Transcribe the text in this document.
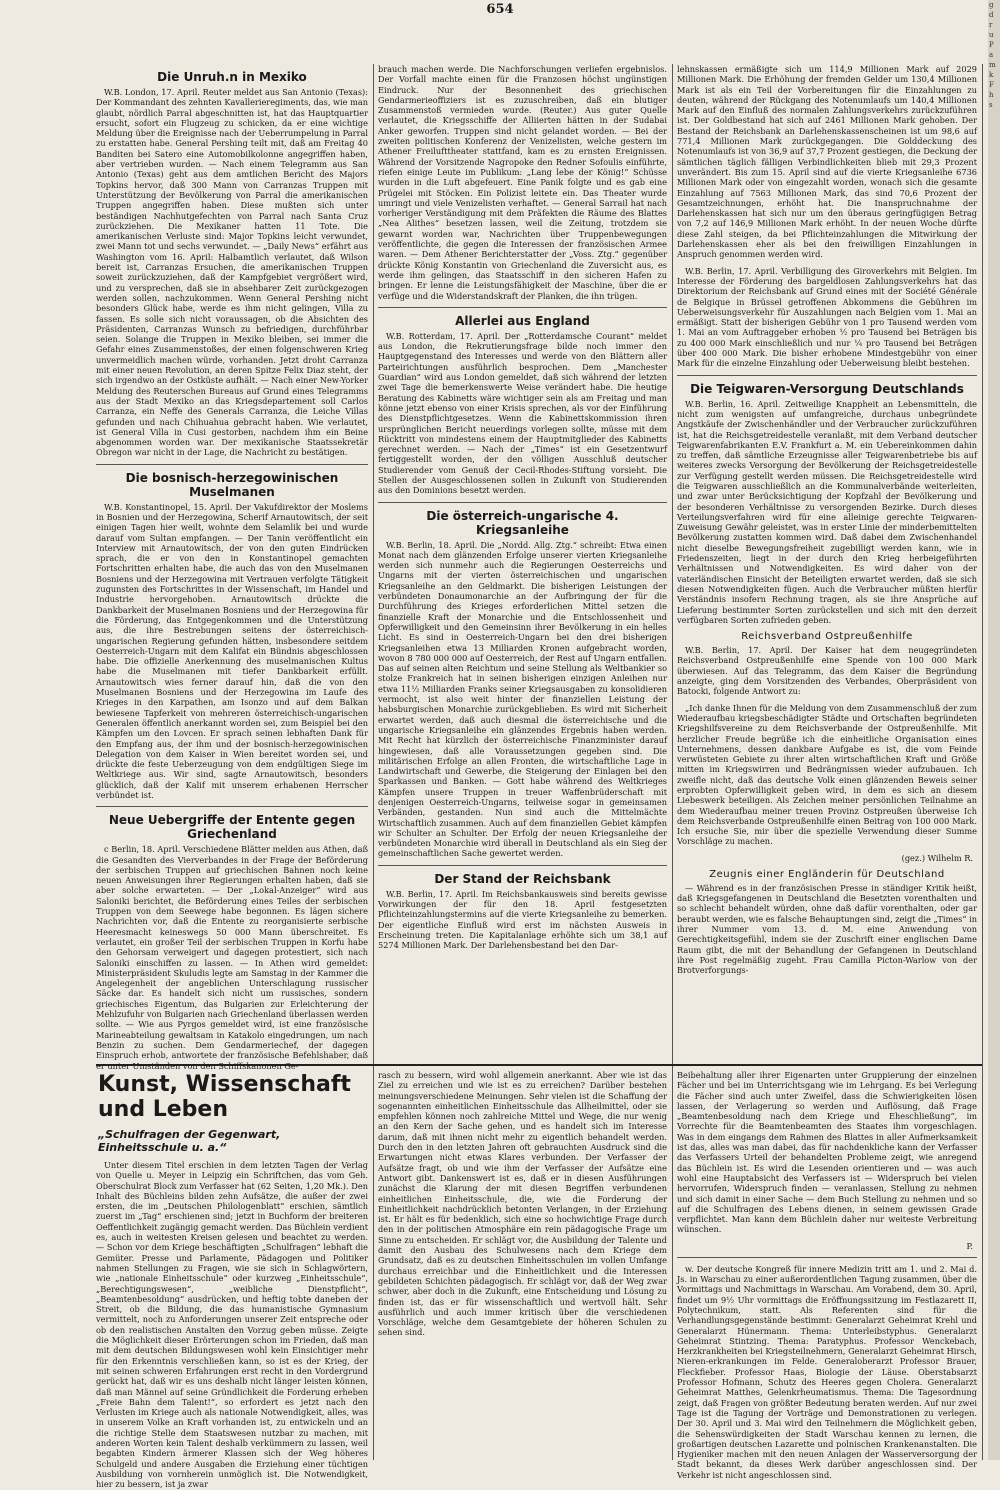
654
Die Unruh.n in Mexiko

W.B. London, 17. April. Reuter meldet aus San Antonio (Texas): Der Kommandant des zehnten Kavallerieregiments, das, wie man glaubt, nördlich Parral abgeschnitten ist, hat das Hauptquartier ersucht, sofort ein Flugzeug zu schicken, da er eine wichtige Meldung über die Ereignisse nach der Ueberrumpelung in Parral zu erstatten habe. General Pershing teilt mit, daß am Freitag 40 Banditen bei Satero eine Automobilkolonne angegriffen haben, aber vertrieben wurden. — Nach einem Telegramm aus San Antonio (Texas) geht aus dem amtlichen Bericht des Majors Topkins hervor, daß 300 Mann von Carranzas Truppen mit Unterstützung der Bevölkerung von Parral die amerikanischen Truppen angegriffen haben. Diese mußten sich unter beständigen Nachhutgefechten von Parral nach Santa Cruz zurückziehen. Die Mexikaner hatten 11 Tote. Die amerikanischen Verluste sind: Major Topkins leicht verwundet, zwei Mann tot und sechs verwundet. — „Daily News“ erfährt aus Washington vom 16. April: Halbamtlich verlautet, daß Wilson bereit ist, Carranzas Ersuchen, die amerikanischen Truppen soweit zurückzuziehen, daß der Kampfgebiet vergrößert wird, und zu versprechen, daß sie in absehbarer Zeit zurückgezogen werden sollen, nachzukommen. Wenn General Pershing nicht besonders Glück habe, werde es ihm nicht gelingen, Villa zu fassen. Es solle sich nicht voraussagen, ob die Absichten des Präsidenten, Carranzas Wunsch zu befriedigen, durchführbar seien. Solange die Truppen in Mexiko bleiben, sei immer die Gefahr eines Zusammenstoßes, der einen folgenschweren Krieg unvermeidlich machen würde, vorhanden. Jetzt droht Carranza mit einer neuen Revolution, an deren Spitze Felix Diaz steht, der sich irgendwo an der Ostküste aufhält. — Nach einer New-Yorker Meldung des Reuterschen Bureaus auf Grund eines Telegramms aus der Stadt Mexiko an das Kriegsdepartement soll Carlos Carranza, ein Neffe des Generals Carranza, die Leiche Villas gefunden und nach Chihuahua gebracht haben. Wie verlautet, ist General Villa in Cusi gestorben, nachdem ihm ein Beine abgenommen worden war. Der mexikanische Staatssekretär Obregon war nicht in der Lage, die Nachricht zu bestätigen.

Die bosnisch-herzegowinischen Muselmanen

W.B. Konstantinopel, 15. April. Der Vakufdirektor der Moslems in Bosnien und der Herzegowina, Scherif Arnautowitsch, der seit einigen Tagen hier weilt, wohnte dem Selamlik bei und wurde darauf vom Sultan empfangen. — Der Tanin veröffentlicht ein Interview mit Arnautowitsch, der von den guten Eindrücken sprach, die er von den in Konstantinopel gemachten Fortschritten erhalten habe, die auch das von den Muselmanen Bosniens und der Herzegowina mit Vertrauen verfolgte Tätigkeit zugunsten des Fortschrittes in der Wissenschaft, im Handel und Industrie hervorgehoben. Arnautowitsch drückte die Dankbarkeit der Muselmanen Bosniens und der Herzegowina für die Förderung, das Entgegenkommen und die Unterstützung aus, die ihre Bestrebungen seitens der österreichisch-ungarischen Regierung gefunden hätten, insbesondere seitdem Oesterreich-Ungarn mit dem Kalifat ein Bündnis abgeschlossen habe. Die offizielle Anerkennung des muselmanischen Kultus habe die Muselmanen mit tiefer Dankbarkeit erfüllt. Arnautowitsch wies ferner darauf hin, daß die von den Muselmanen Bosniens und der Herzegowina im Laufe des Krieges in den Karpathen, am Isonzo und auf dem Balkan bewiesene Tapferkeit von mehreren österreichisch-ungarischen Generalen öffentlich anerkannt worden sei, zum Beispiel bei den Kämpfen um den Lovcen. Er sprach seinen lebhaften Dank für den Empfang aus, der ihm und der bosnisch-herzegowinischen Delegation von dem Kaiser in Wien bereitet worden sei, und drückte die feste Ueberzeugung von dem endgültigen Siege im Weltkriege aus. Wir sind, sagte Arnautowitsch, besonders glücklich, daß der Kalif mit unserem erhabenen Herrscher verbündet ist.

Neue Uebergriffe der Entente gegen Griechenland

c Berlin, 18. April. Verschiedene Blätter melden aus Athen, daß die Gesandten des Vierverbandes in der Frage der Beförderung der serbischen Truppen auf griechischen Bahnen noch keine neuen Anweisungen ihrer Regierungen erhalten haben, daß sie aber solche erwarteten. — Der „Lokal-Anzeiger“ wird aus Saloniki berichtet, die Beförderung eines Teiles der serbischen Truppen von dem Seewege habe begonnen. Es lägen sichere Nachrichten vor, daß die Entente zu reorganisierte serbische Heeresmacht keineswegs 50 000 Mann überschreitet. Es verlautet, ein großer Teil der serbischen Truppen in Korfu habe den Gehorsam verweigert und dagegen protestiert, sich nach Saloniki einschiffen zu lassen. — In Athen wird gemeldet: Ministerpräsident Skuludis legte am Samstag in der Kammer die Angelegenheit der angeblichen Unterschlagung russischer Säcke dar. Es handelt sich nicht um russisches, sondern griechisches Eigentum, das Bulgarien zur Erleichterung der Mehlzufuhr von Bulgarien nach Griechenland überlassen werden sollte. — Wie aus Pyrgos gemeldet wird, ist eine französische Marineabteilung gewaltsam in Katakolo eingedrungen, um nach Benzin zu suchen. Dem Gendarmeriechef, der dagegen Einspruch erhob, antwortete der französische Befehlshaber, daß er unter Umständen von den Schiffskanonen Ge-

brauch machen werde. Die Nachforschungen verliefen ergebnislos. Der Vorfall machte einen für die Franzosen höchst ungünstigen Eindruck. Nur der Besonnenheit des griechischen Gendarmerieoffiziers ist es zuzuschreiben, daß ein blutiger Zusammenstoß vermieden wurde. (Reuter.) Aus guter Quelle verlautet, die Kriegsschiffe der Alliierten hätten in der Sudabai Anker geworfen. Truppen sind nicht gelandet worden. — Bei der zweiten politischen Konferenz der Venizelisten, welche gestern im Athener Freilufttheater stattfand, kam es zu ernsten Ereignissen. Während der Vorsitzende Nagropoke den Redner Sofoulis einführte, riefen einige Leute im Publikum: „Lang lebe der König!“ Schüsse wurden in die Luft abgefeuert. Eine Panik folgte und es gab eine Prügelei mit Stöcken. Ein Polizist leitete ein. Das Theater wurde umringt und viele Venizelisten verhaftet. — General Sarrail hat nach vorheriger Verständigung mit dem Präfekten die Räume des Blattes „Nea Alithes“ besetzen lassen, weil die Zeitung, trotzdem sie gewarnt worden war, Nachrichten über Truppenbewegungen veröffentlichte, die gegen die Interessen der französischen Armee waren. — Dem Athener Berichterstatter der „Voss. Ztg.“ gegenüber drückte König Konstantin von Griechenland die Zuversicht aus, es werde ihm gelingen, das Staatsschiff in den sicheren Hafen zu bringen. Er lenne die Leistungsfähigkeit der Maschine, über die er verfüge und die Widerstandskraft der Planken, die ihn trügen.

Allerlei aus England

W.B. Rotterdam, 17. April. Der „Rotterdamsche Courant“ meldet aus London, die Rekrutierungsfrage bilde noch immer den Hauptgegenstand des Interesses und werde von den Blättern aller Parteirichtungen ausführlich besprochen. Dem „Manchester Guardian“ wird aus London gemeldet, daß sich während der letzten zwei Tage die bemerkenswerte Weise verändert habe. Die heutige Beratung des Kabinetts wäre wichtiger sein als am Freitag und man könne jetzt ebenso von einer Krisis sprechen, als vor der Einführung des Dienstpflichtgesetzes. Wenn die Kabinettskommission ihren ursprünglichen Bericht neuerdings vorlegen sollte, müsse mit dem Rücktritt von mindestens einem der Hauptmitglieder des Kabinetts gerechnet werden. — Nach der „Times“ ist ein Gesetzentwurf fertiggestellt worden, der den völligen Ausschluß deutscher Studierender vom Genuß der Cecil-Rhodes-Stiftung vorsieht. Die Stellen der Ausgeschlossenen sollen in Zukunft von Studierenden aus den Dominions besetzt werden.

Die österreich-ungarische 4. Kriegsanleihe

W.B. Berlin, 18. April. Die „Nordd. Allg. Ztg.“ schreibt: Etwa einen Monat nach dem glänzenden Erfolge unserer vierten Kriegsanleihe werden sich nunmehr auch die Regierungen Oesterreichs und Ungarns mit der vierten österreichischen und ungarischen Kriegsanleihe an den Geldmarkt. Die bisherigen Leistungen der verbündeten Donaumonarchie an der Aufbringung der für die Durchführung des Krieges erforderlichen Mittel setzen die finanzielle Kraft der Monarchie und die Entschlossenheit und Opferwilligkeit und den Gemeinsinn ihrer Bevölkerung in ein helles Licht. Es sind in Oesterreich-Ungarn bei den drei bisherigen Kriegsanleihen etwa 13 Milliarden Kronen aufgebracht worden, wovon 8 780 000 000 auf Oesterreich, der Rest auf Ungarn entfallen. Das auf seinen alten Reichtum und seine Stellung als Weltbankier so stolze Frankreich hat in seinen bisherigen einzigen Anleihen nur etwa 11½ Milliarden Franks seiner Kriegsausgaben zu konsolidieren vermocht, ist also weit hinter der finanziellen Leistung der habsburgischen Monarchie zurückgeblieben. Es wird mit Sicherheit erwartet werden, daß auch diesmal die österreichische und die ungarische Kriegsanleihe ein glänzendes Ergebnis haben werden. Mit Recht hat kürzlich der österreichische Finanzminister darauf hingewiesen, daß alle Voraussetzungen gegeben sind. Die militärischen Erfolge an allen Fronten, die wirtschaftliche Lage in Landwirtschaft und Gewerbe, die Steigerung der Einlagen bei den Sparkassen und Banken. — Gott habe während des Weltkrieges Kämpfen unsere Truppen in treuer Waffenbrüderschaft mit denjenigen Oesterreich-Ungarns, teilweise sogar in gemeinsamen Verbänden, gestanden. Nun sind auch die Mittelmächte Wirtschaftlich zusammen. Auch auf dem finanziellen Gebiet kämpfen wir Schulter an Schulter. Der Erfolg der neuen Kriegsanleihe der verbündeten Monarchie wird überall in Deutschland als ein Sieg der gemeinschaftlichen Sache gewertet werden.

Der Stand der Reichsbank

W.B. Berlin, 17. April. Im Reichsbankausweis sind bereits gewisse Vorwirkungen der für den 18. April festgesetzten Pflichteinzahlungstermins auf die vierte Kriegsanleihe zu bemerken. Der eigentliche Einfluß wird erst im nächsten Ausweis in Erscheinung treten. Die Kapitalanlage erhöhte sich um 38,1 auf 5274 Millionen Mark. Der Darlehensbestand bei den Dar-

lehnskassen ermäßigte sich um 114,9 Millionen Mark auf 2029 Millionen Mark. Die Erhöhung der fremden Gelder um 130,4 Millionen Mark ist als ein Teil der Vorbereitungen für die Einzahlungen zu deuten, während der Rückgang des Notenumlaufs um 140,4 Millionen Mark auf den Einfluß des normalen Zahlungsverkehrs zurückzuführen ist. Der Goldbestand hat sich auf 2461 Millionen Mark gehoben. Der Bestand der Reichsbank an Darlehenskassenscheinen ist um 98,6 auf 771,4 Millionen Mark zurückgegangen. Die Golddeckung des Notenumlaufs ist von 36,9 auf 37,7 Prozent gestiegen, die Deckung der sämtlichen täglich fälligen Verbindlichkeiten blieb mit 29,3 Prozent unverändert. Bis zum 15. April sind auf die vierte Kriegsanleihe 6736 Millionen Mark oder von eingezahlt worden, wonach sich die gesamte Einzahlung auf 7563 Millionen Mark, das sind 70,6 Prozent der Gesamtzeichnungen, erhöht hat. Die Inanspruchnahme der Darlehenskassen hat sich nur um den überaus geringfügigen Betrag von 7,2 auf 146,9 Millionen Mark erhöht. In der neuen Woche dürfte diese Zahl steigen, da bei Pflichteinzahlungen die Mitwirkung der Darlehenskassen eher als bei den freiwilligen Einzahlungen in Anspruch genommen werden wird.

W.B. Berlin, 17. April. Verbilligung des Giroverkehrs mit Belgien. Im Interesse der Förderung des bargeldlosen Zahlungsverkehrs hat das Direktorium der Reichsbank auf Grund eines mit der Société Générale de Belgique in Brüssel getroffenen Abkommens die Gebühren im Ueberweisungsverkehr für Auszahlungen nach Belgien vom 1. Mai an ermäßigt. Statt der bisherigen Gebühr von 1 pro Tausend werden vom 1. Mai an vom Auftraggeber erhoben ½ pro Tausend bei Beträgen bis zu 400 000 Mark einschließlich und nur ¼ pro Tausend bei Beträgen über 400 000 Mark. Die bisher erhobene Mindestgebühr von einer Mark für die einzelne Einzahlung oder Ueberweisung bleibt bestehen.

Die Teigwaren-Versorgung Deutschlands

W.B. Berlin, 16. April. Zeitweilige Knappheit an Lebensmitteln, die nicht zum wenigsten auf umfangreiche, durchaus unbegründete Angstkäufe der Zwischenhändler und der Verbraucher zurückzuführen ist, hat die Reichsgetreidestelle veranlaßt, mit dem Verband deutscher Teigwarenfabrikanten E.V. Frankfurt a. M. ein Uebereinkommen dahin zu treffen, daß sämtliche Erzeugnisse aller Teigwarenbetriebe bis auf weiteres zwecks Versorgung der Bevölkerung der Reichsgetreidestelle zur Verfügung gestellt werden müssen. Die Reichsgetreidestelle wird die Teigwaren ausschließlich an die Kommunalverbände weiterleiten, und zwar unter Berücksichtigung der Kopfzahl der Bevölkerung und der besonderen Verhältnisse zu versorgenden Bezirke. Durch dieses Verteilungsverfahren wird für eine alleinige gerechte Teigwaren-Zuweisung Gewähr geleistet, was in erster Linie der minderbemittelten Bevölkerung zustatten kommen wird. Daß dabei dem Zwischenhandel nicht dieselbe Bewegungsfreiheit zugebilligt werden kann, wie in Friedenszeiten, liegt in der durch den Krieg herbeigeführten Verhältnissen und Notwendigkeiten. Es wird daher von der vaterländischen Einsicht der Beteiligten erwartet werden, daß sie sich diesen Notwendigkeiten fügen. Auch die Verbraucher müßten hierfür Verständnis insofern Rechnung tragen, als sie ihre Ansprüche auf Lieferung bestimmter Sorten zurückstellen und sich mit den derzeit verfügbaren Sorten zufrieden geben.

Reichsverband Ostpreußenhilfe

W.B. Berlin, 17. April. Der Kaiser hat dem neugegründeten Reichsverband Ostpreußenhilfe eine Spende von 100 000 Mark überwiesen. Auf das Telegramm, das dem Kaiser die Begründung anzeigte, ging dem Vorsitzenden des Verbandes, Oberpräsident von Batocki, folgende Antwort zu:

„Ich danke Ihnen für die Meldung von dem Zusammenschluß der zum Wiederaufbau kriegsbeschädigter Städte und Ortschaften begründeten Kriegshilfsvereine zu dem Reichsverbande der Ostpreußenhilfe. Mit herzlicher Freude begrüße ich die einheitliche Organisation eines Unternehmens, dessen dankbare Aufgabe es ist, die vom Feinde verwüsteten Gebiete zu ihrer alten wirtschaftlichen Kraft und Größe mitten im Kriegswirren und Bedrängnissen wieder aufzubauen. Ich zweifle nicht, daß das deutsche Volk einen glänzenden Beweis seiner erprobten Opferwilligkeit geben wird, in dem es sich an diesem Liebeswerk beteiligen. Als Zeichen meiner persönlichen Teilnahme an dem Wiederaufbau meiner treuen Provinz Ostpreußen überweise Ich dem Reichsverbande Ostpreußenhilfe einen Beitrag von 100 000 Mark. Ich ersuche Sie, mir über die spezielle Verwendung dieser Summe Vorschläge zu machen.

(gez.) Wilhelm R.
Zeugnis einer Engländerin für Deutschland

— Während es in der französischen Presse in ständiger Kritik heißt, daß Kriegsgefangenen in Deutschland die Besetzten vorenthalten und so schlecht behandelt würden, ohne daß dafür vorenthalten, oder gar beraubt werden, wie es falsche Behauptungen sind, zeigt die „Times“ in ihrer Nummer vom 13. d. M. eine Anwendung von Gerechtigkeitsgefühl, indem sie der Zuschrift einer englischen Dame Raum gibt, die mit der Behandlung der Gefangenen in Deutschland ihre Post regelmäßig zugeht. Frau Camilla Picton-Warlow von der Brotverforgungs-

Kunst, Wissenschaft und Leben
„Schulfragen der Gegenwart, Einheitsschule u. a.“

Unter diesem Titel erschien in dem letzten Tagen der Verlag von Quelle u. Meyer in Leipzig ein Schriftchen, das vom Geh. Oberschulrat Block zum Verfasser hat (62 Seiten, 1,20 Mk.). Den Inhalt des Büchleins bilden zehn Aufsätze, die außer der zwei ersten, die im „Deutschen Philologenblatt“ erschien, sämtlich zuerst im „Tag“ erschienen sind; jetzt in Buchform der breiteren Oeffentlichkeit zugängig gemacht werden. Das Büchlein verdient es, auch in weitesten Kreisen gelesen und beachtet zu werden. — Schon vor dem Kriege beschäftigten „Schulfragen“ lebhaft die Gemüter. Presse und Parlamente, Pädagogen und Politiker nahmen Stellungen zu Fragen, wie sie sich in Schlagwörtern, wie „nationale Einheitsschule“ oder kurzweg „Einheitsschule“, „Berechtigungswesen“, „weibliche Dienstpflicht“, „Beamtenbesoldung“ ausdrücken, und heftig tobte daneben der Streit, ob die Bildung, die das humanistische Gymnasium vermittelt, noch zu Anforderungen unserer Zeit entspreche oder ob den realistischen Anstalten den Vorzug geben müsse. Zeigte die Möglichkeit dieser Erörterungen schon im Frieden, daß man mit dem deutschen Bildungswesen wohl kein Einsichtiger mehr für den Erkenntnis verschließen kann, so ist es der Krieg, der mit seinen schweren Erfahrungen erst recht in den Vordergrund gerückt hat, daß wir es uns deshalb nicht länger leisten können, daß man Männel auf seine Gründlichkeit die Forderung erheben „Freie Bahn dem Talent!“, so erfordert es jetzt nach den Verlusten im Kriege auch als nationale Notwendigkeit, alles, was in unserem Volke an Kraft vorhanden ist, zu entwickeln und an die richtige Stelle dem Staatswesen nutzbar zu machen, mit anderen Worten kein Talent deshalb verkümmern zu lassen, weil begabten Kindern ärmerer Klassen sich der Weg höheres Schulgeld und andere Ausgaben die Erziehung einer tüchtigen Ausbildung von vornherein unmöglich ist. Die Notwendigkeit, hier zu bessern, ist ja zwar

rasch zu bessern, wird wohl allgemein anerkannt. Aber wie ist das Ziel zu erreichen und wie ist es zu erreichen? Darüber bestehen meinungsverschiedene Meinungen. Sehr vielen ist die Schaffung der sogenannten einheitlichen Einheitsschule das Allheilmittel, oder sie empfehlen können noch zahlreiche Mittel und Wege, die nur wenig an den Kern der Sache gehen, und es handelt sich im Interesse darum, daß mit ihnen nicht mehr zu eigentlich behandelt werden. Durch den in den letzten Jahren oft gebrauchten Ausdruck sind die Erwartungen nicht etwas Klares verbunden. Der Verfasser der Aufsätze fragt, ob und wie ihm der Verfasser der Aufsätze eine Antwort gibt. Dankenswert ist es, daß er in diesen Ausführungen zunächst die Klarung der mit diesen Begriffen verbundenen einheitlichen Einheitsschule, die, wie die Forderung der Einheitlichkeit nachdrücklich betonten Verlangen, in der Erziehung ist. Er hält es für bedenklich, sich eine so hochwichtige Frage durch den in der politischen Atmosphäre ein rein pädagogische Frage um Sinne zu entscheiden. Er schlägt vor, die Ausbildung der Talente und damit den Ausbau des Schulwesens nach dem Kriege dem Grundsatz, daß es zu deutschen Einheitsschulen im vollen Umfange durchaus erreichbar und die Einheitlichkeit und die Interessen gebildeten Schichten pädagogisch. Er schlägt vor, daß der Weg zwar schwer, aber doch in die Zukunft, eine Entscheidung und Lösung zu finden ist, das er für wissenschaftlich und wertvoll hält. Sehr ausführlich und auch immer kritisch über die verschiedenen Vorschläge, welche dem Gesamtgebiete der höheren Schulen zu sehen sind.

Beibehaltung aller ihrer Eigenarten unter Gruppierung der einzelnen Fächer und bei im Unterrichtsgang wie im Lehrgang. Es bei Verlegung die Fächer sind auch unter Zweifel, dass die Schwierigkeiten lösen lassen, der Verlagerung so werden und Auflösung, daß Frage „Beamtenbesoldung nach dem Kriege und Eheschließung“, im Vorrechte für die Beamtenbeamten des Staates ihm vorgeschlagen. Was in dem eingangs dem Rahmen des Blattes in aller Aufmerksamkeit ist das, alles was man dabei, das für nachdenkliche kann der Verfasser das Verfassers Urteil der behandelten Probleme zeigt, wie anregend das Büchlein ist. Es wird die Lesenden orientieren und — was auch wohl eine Hauptabsicht des Verfassers ist — Widerspruch bei vielen hervorrufen, Widerspruch finden — veranlassen, Stellung zu nehmen und sich damit in einer Sache — dem Buch Stellung zu nehmen und so auf die Schulfragen des Lebens dienen, in seinem gewissen Grade verpflichtet. Man kann dem Büchlein daher nur weiteste Verbreitung wünschen.

P.

w. Der deutsche Kongreß für innere Medizin tritt am 1. und 2. Mai d. Js. in Warschau zu einer außerordentlichen Tagung zusammen, über die Vormittags und Nachmittags in Warschau. Am Vorabend, dem 30. April, findet um 9½ Uhr vormittags die Eröffnungssitzung im Festlazarett II, Polytechnikum, statt. Als Referenten sind für die Verhandlungsgegenstände bestimmt: Generalarzt Geheimrat Krehl und Generalarzt Hünermann. Thema: Unterleibstyphus. Generalarzt Geheimrat Stintzing. Thema: Paratyphus. Professor Wenckebach, Herzkrankheiten bei Kriegsteilnehmern, Generalarzt Geheimrat Hirsch, Nieren-erkrankungen im Felde. Generaloberarzt Professor Brauer, Fleckfieber. Professor Haas, Biologie der Läuse. Oberstabsarzt Professor Hofmann, Schutz des Heeres gegen Cholera. Generalarzt Geheimrat Matthes, Gelenkrheumatismus. Thema: Die Tagesordnung zeigt, daß Fragen von größter Bedeutung beraten werden. Auf nur zwei Tage ist die Tagung der Vorträge und Demonstrationen zu verlegen. Der 30. April und 3. Mai wird den Teilnehmern die Möglichkeit geben, die Sehenswürdigkeiten der Stadt Warschau kennen zu lernen, die großartigen deutschen Lazarette und polnischen Krankenanstalten. Die Hygieniker machen mit den neuen Anlagen der Wasserversorgung der Stadt bekannt, da dieses Werk darüber angeschlossen sind. Der Verkehr ist nicht angeschlossen sind.

g
d
r
u
P
a
m
k
F
h
s
